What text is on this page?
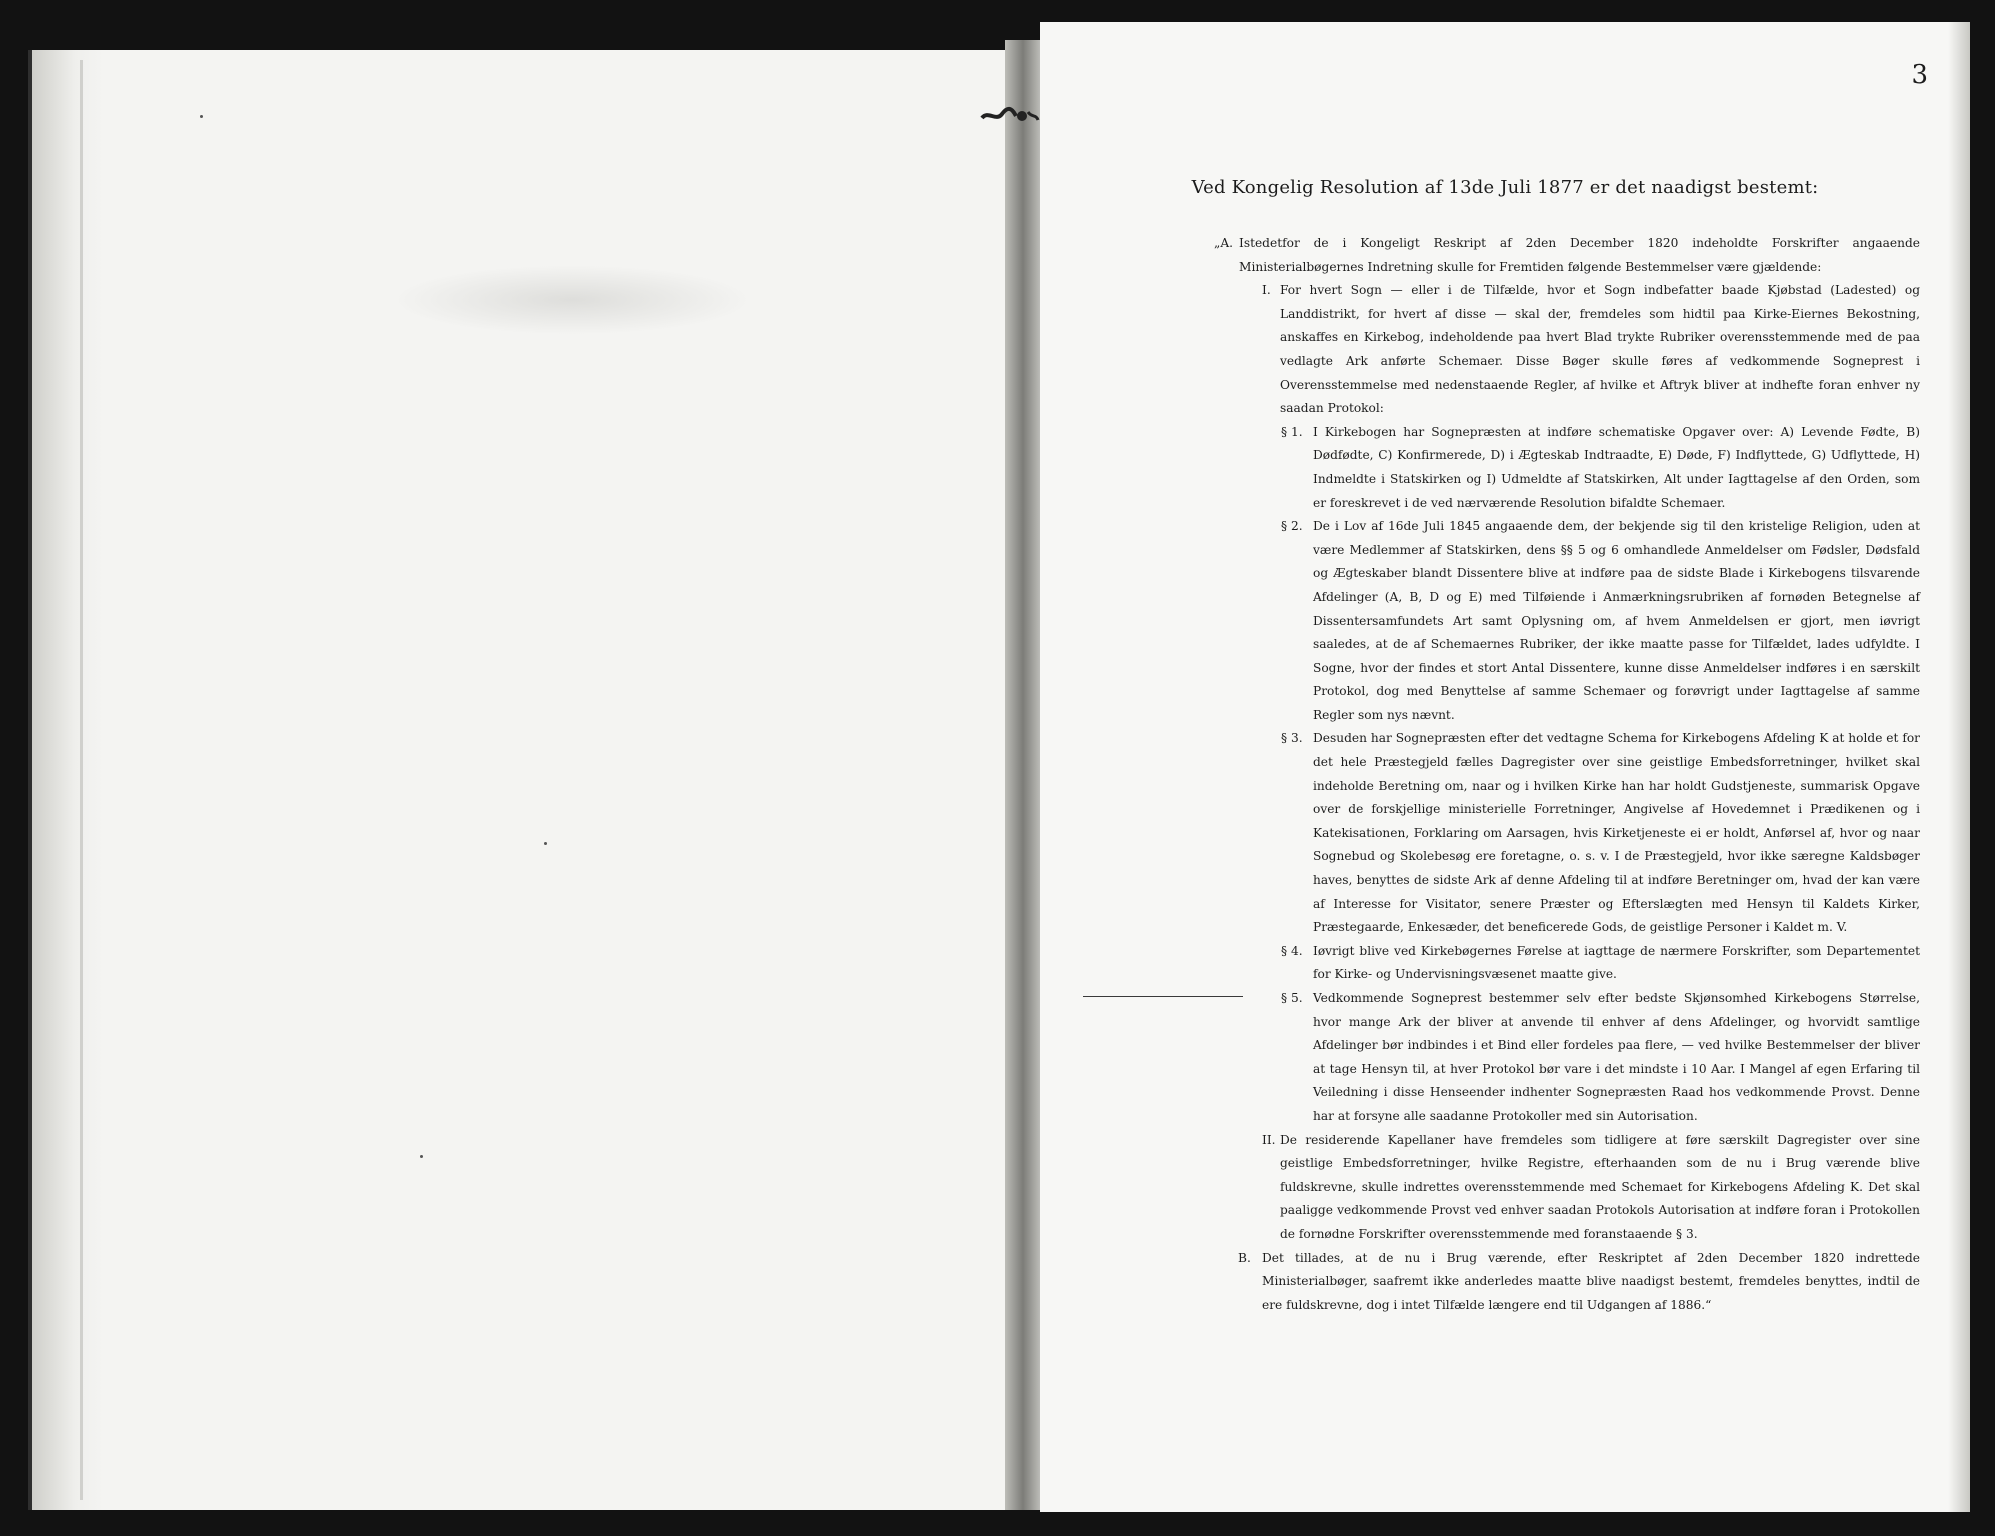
3
Ved Kongelig Resolution af 13de Juli 1877 er det naadigst bestemt:

„A. Istedetfor de i Kongeligt Reskript af 2den December 1820 indeholdte Forskrifter angaaende Ministerialbøgernes Indretning skulle for Fremtiden følgende Bestemmelser være gjældende:

I. For hvert Sogn — eller i de Tilfælde, hvor et Sogn indbefatter baade Kjøbstad (Ladested) og Landdistrikt, for hvert af disse — skal der, fremdeles som hidtil paa Kirke-Eiernes Bekostning, anskaffes en Kirkebog, indeholdende paa hvert Blad trykte Rubriker overensstemmende med de paa vedlagte Ark anførte Schemaer. Disse Bøger skulle føres af vedkommende Sogneprest i Overensstemmelse med nedenstaaende Regler, af hvilke et Aftryk bliver at indhefte foran enhver ny saadan Protokol:

§ 1. I Kirkebogen har Sognepræsten at indføre schematiske Opgaver over: A) Levende Fødte, B) Dødfødte, C) Konfirmerede, D) i Ægteskab Indtraadte, E) Døde, F) Indflyttede, G) Udflyttede, H) Indmeldte i Statskirken og I) Udmeldte af Statskirken, Alt under Iagttagelse af den Orden, som er foreskrevet i de ved nærværende Resolution bifaldte Schemaer.

§ 2. De i Lov af 16de Juli 1845 angaaende dem, der bekjende sig til den kristelige Religion, uden at være Medlemmer af Statskirken, dens §§ 5 og 6 omhandlede Anmeldelser om Fødsler, Dødsfald og Ægteskaber blandt Dissentere blive at indføre paa de sidste Blade i Kirkebogens tilsvarende Afdelinger (A, B, D og E) med Tilføiende i Anmærkningsrubriken af fornøden Betegnelse af Dissentersamfundets Art samt Oplysning om, af hvem Anmeldelsen er gjort, men iøvrigt saaledes, at de af Schemaernes Rubriker, der ikke maatte passe for Tilfældet, lades udfyldte. I Sogne, hvor der findes et stort Antal Dissentere, kunne disse Anmeldelser indføres i en særskilt Protokol, dog med Benyttelse af samme Schemaer og forøvrigt under Iagttagelse af samme Regler som nys nævnt.

§ 3. Desuden har Sognepræsten efter det vedtagne Schema for Kirkebogens Afdeling K at holde et for det hele Præstegjeld fælles Dagregister over sine geistlige Embedsforretninger, hvilket skal indeholde Beretning om, naar og i hvilken Kirke han har holdt Gudstjeneste, summarisk Opgave over de forskjellige ministerielle Forretninger, Angivelse af Hovedemnet i Prædikenen og i Katekisationen, Forklaring om Aarsagen, hvis Kirketjeneste ei er holdt, Anførsel af, hvor og naar Sognebud og Skolebesøg ere foretagne, o. s. v. I de Præstegjeld, hvor ikke særegne Kaldsbøger haves, benyttes de sidste Ark af denne Afdeling til at indføre Beretninger om, hvad der kan være af Interesse for Visitator, senere Præster og Efterslægten med Hensyn til Kaldets Kirker, Præstegaarde, Enkesæder, det beneficerede Gods, de geistlige Personer i Kaldet m. V.

§ 4. Iøvrigt blive ved Kirkebøgernes Førelse at iagttage de nærmere Forskrifter, som Departementet for Kirke- og Undervisningsvæsenet maatte give.

§ 5. Vedkommende Sogneprest bestemmer selv efter bedste Skjønsomhed Kirkebogens Størrelse, hvor mange Ark der bliver at anvende til enhver af dens Afdelinger, og hvorvidt samtlige Afdelinger bør indbindes i et Bind eller fordeles paa flere, — ved hvilke Bestemmelser der bliver at tage Hensyn til, at hver Protokol bør vare i det mindste i 10 Aar. I Mangel af egen Erfaring til Veiledning i disse Henseender indhenter Sognepræsten Raad hos vedkommende Provst. Denne har at forsyne alle saadanne Protokoller med sin Autorisation.

II. De residerende Kapellaner have fremdeles som tidligere at føre særskilt Dagregister over sine geistlige Embedsforretninger, hvilke Registre, efterhaanden som de nu i Brug værende blive fuldskrevne, skulle indrettes overensstemmende med Schemaet for Kirkebogens Afdeling K. Det skal paaligge vedkommende Provst ved enhver saadan Protokols Autorisation at indføre foran i Protokollen de fornødne Forskrifter overensstemmende med foranstaaende § 3.

B. Det tillades, at de nu i Brug værende, efter Reskriptet af 2den December 1820 indrettede Ministerialbøger, saafremt ikke anderledes maatte blive naadigst bestemt, fremdeles benyttes, indtil de ere fuldskrevne, dog i intet Tilfælde længere end til Udgangen af 1886.“
